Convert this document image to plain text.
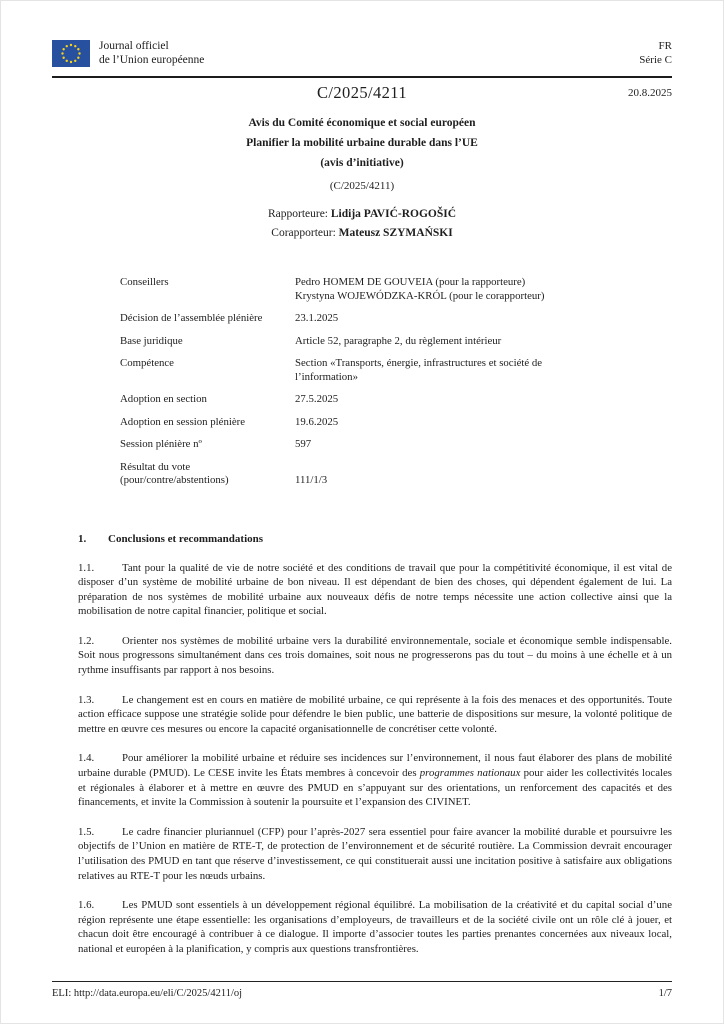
Journal officiel
de l’Union européenne
FR
Série C
C/2025/4211	20.8.2025
Avis du Comité économique et social européen
Planifier la mobilité urbaine durable dans l’UE
(avis d’initiative)
(C/2025/4211)
Rapporteure: Lidija PAVIĆ-ROGOŠIĆ
Corapporteur: Mateusz SZYMAŃSKI
Conseillers	Pedro HOMEM DE GOUVEIA (pour la rapporteure)
Krystyna WOJEWÓDZKA-KRÓL (pour le corapporteur)
Décision de l’assemblée plénière	23.1.2025
Base juridique	Article 52, paragraphe 2, du règlement intérieur
Compétence	Section «Transports, énergie, infrastructures et société de
l’information»
Adoption en section	27.5.2025
Adoption en session plénière	19.6.2025
Session plénière nº	597
Résultat du vote
(pour/contre/abstentions)	111/1/3
1. Conclusions et recommandations
1.1.	Tant pour la qualité de vie de notre société et des conditions de travail que pour la compétitivité économique, il est vital de disposer d’un système de mobilité urbaine de bon niveau. Il est dépendant de bien des choses, qui dépendent également de lui. La préparation de nos systèmes de mobilité urbaine aux nouveaux défis de notre temps nécessite une action collective ainsi que la mobilisation de notre capital financier, politique et social.
1.2.	Orienter nos systèmes de mobilité urbaine vers la durabilité environnementale, sociale et économique semble indispensable. Soit nous progressons simultanément dans ces trois domaines, soit nous ne progresserons pas du tout – du moins à une échelle et à un rythme insuffisants par rapport à nos besoins.
1.3.	Le changement est en cours en matière de mobilité urbaine, ce qui représente à la fois des menaces et des opportunités. Toute action efficace suppose une stratégie solide pour défendre le bien public, une batterie de dispositions sur mesure, la volonté politique de mettre en œuvre ces mesures ou encore la capacité organisationnelle de concrétiser cette volonté.
1.4.	Pour améliorer la mobilité urbaine et réduire ses incidences sur l’environnement, il nous faut élaborer des plans de mobilité urbaine durable (PMUD). Le CESE invite les États membres à concevoir des programmes nationaux pour aider les collectivités locales et régionales à élaborer et à mettre en œuvre des PMUD en s’appuyant sur des orientations, un renforcement des capacités et des financements, et invite la Commission à soutenir la poursuite et l’expansion des CIVINET.
1.5.	Le cadre financier pluriannuel (CFP) pour l’après-2027 sera essentiel pour faire avancer la mobilité durable et poursuivre les objectifs de l’Union en matière de RTE-T, de protection de l’environnement et de sécurité routière. La Commission devrait encourager l’utilisation des PMUD en tant que réserve d’investissement, ce qui constituerait aussi une incitation positive à satisfaire aux obligations relatives au RTE-T pour les nœuds urbains.
1.6.	Les PMUD sont essentiels à un développement régional équilibré. La mobilisation de la créativité et du capital social d’une région représente une étape essentielle: les organisations d’employeurs, de travailleurs et de la société civile ont un rôle clé à jouer, et chacun doit être encouragé à contribuer à ce dialogue. Il importe d’associer toutes les parties prenantes concernées aux niveaux local, national et européen à la planification, y compris aux questions transfrontières.
ELI: http://data.europa.eu/eli/C/2025/4211/oj	1/7
